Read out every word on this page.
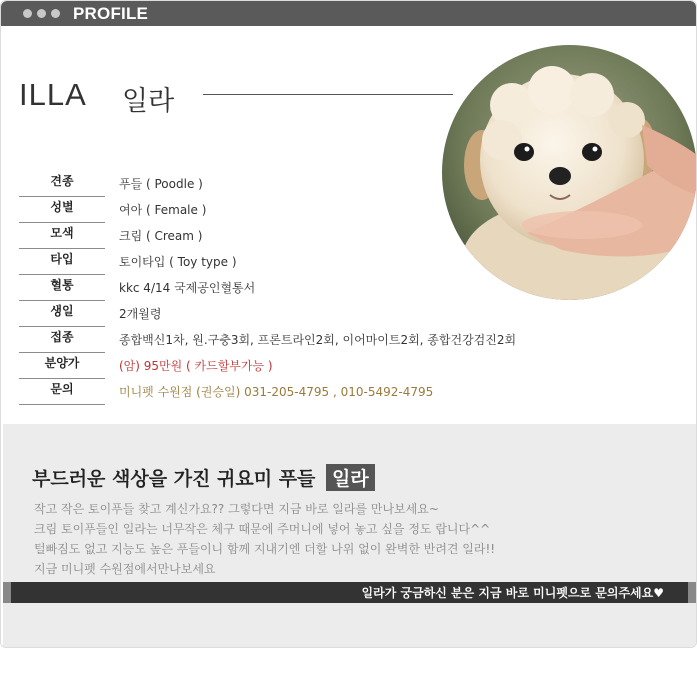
PROFILE
ILLA 일라
견종	푸들 ( Poodle )
성별	여아 ( Female )
모색	크림 ( Cream )
타입	토이타입 ( Toy type )
혈통	kkc 4/14 국제공인혈통서
생일	2개월령
접종	종합백신1차, 원.구충3회, 프론트라인2회, 이어마이트2회, 종합건강검진2회
분양가	(암) 95만원 ( 카드할부가능 )
문의	미니펫 수원점 (권승일) 031-205-4795 , 010-5492-4795
부드러운 색상을 가진 귀요미 푸들 일라
작고 작은 토이푸들 찾고 계신가요?? 그렇다면 지금 바로 일라를 만나보세요~
크림 토이푸들인 일라는 너무작은 체구 때문에 주머니에 넣어 놓고 싶을 정도 랍니다^^
털빠짐도 없고 지능도 높은 푸들이니 함께 지내기엔 더할 나위 없이 완벽한 반려견 일라!!
지금 미니펫 수원점에서만나보세요
일라가 궁금하신 분은 지금 바로 미니펫으로 문의주세요♥
